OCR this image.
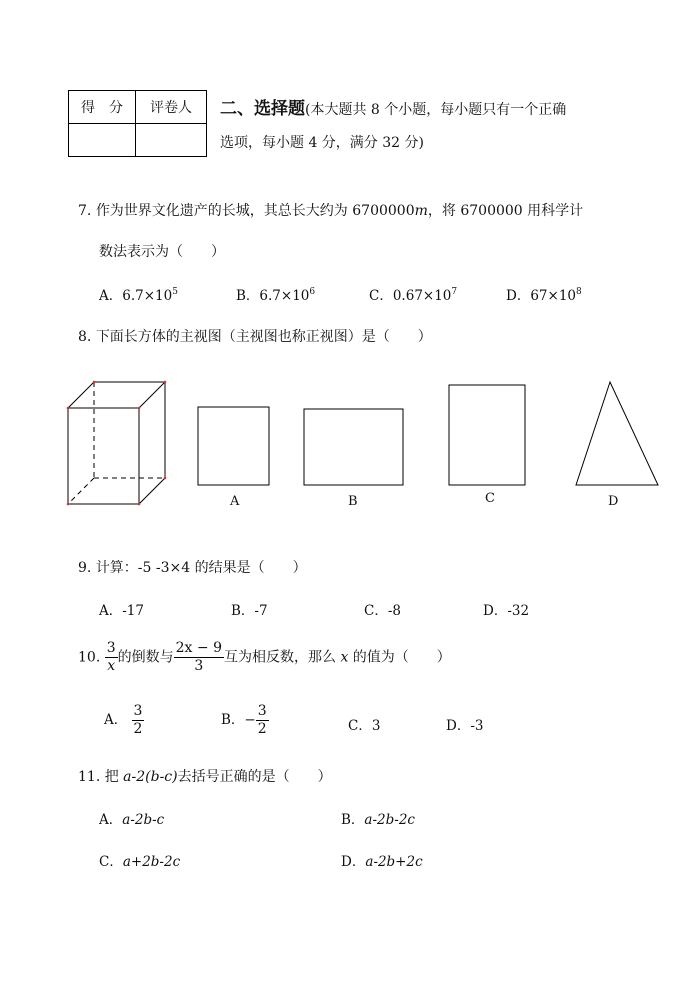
得　分	评卷人
	二、选择题(本大题共 8 个小题，每小题只有一个正确
选项，每小题 4 分，满分 32 分)
7. 作为世界文化遗产的长城，其总长大约为 6700000m，将 6700000 用科学计
数法表示为（　　）
A．$6.7\times 10^5$	B．$6.7\times 10^6$	C．$0.67\times 10^7$	D．$67\times 10^8$
8. 下面长方体的主视图（主视图也称正视图）是（　　）
A	B	C	D
9. 计算：-5 -3×4 的结果是（　　）
A．-17	B．-7	C．-8	D．-32
10. $\frac{3}{x}$ 的倒数与 $\frac{2x - 9}{3}$ 互为相反数，那么 x 的值为（　　）
A． $\frac{3}{2}$	B．− $\frac{3}{2}$	C．3	D．-3
11. 把 a-2(b-c)去括号正确的是（　　）
A．a-2b-c	B．a-2b-2c
C．a+2b-2c	D．a-2b+2c
